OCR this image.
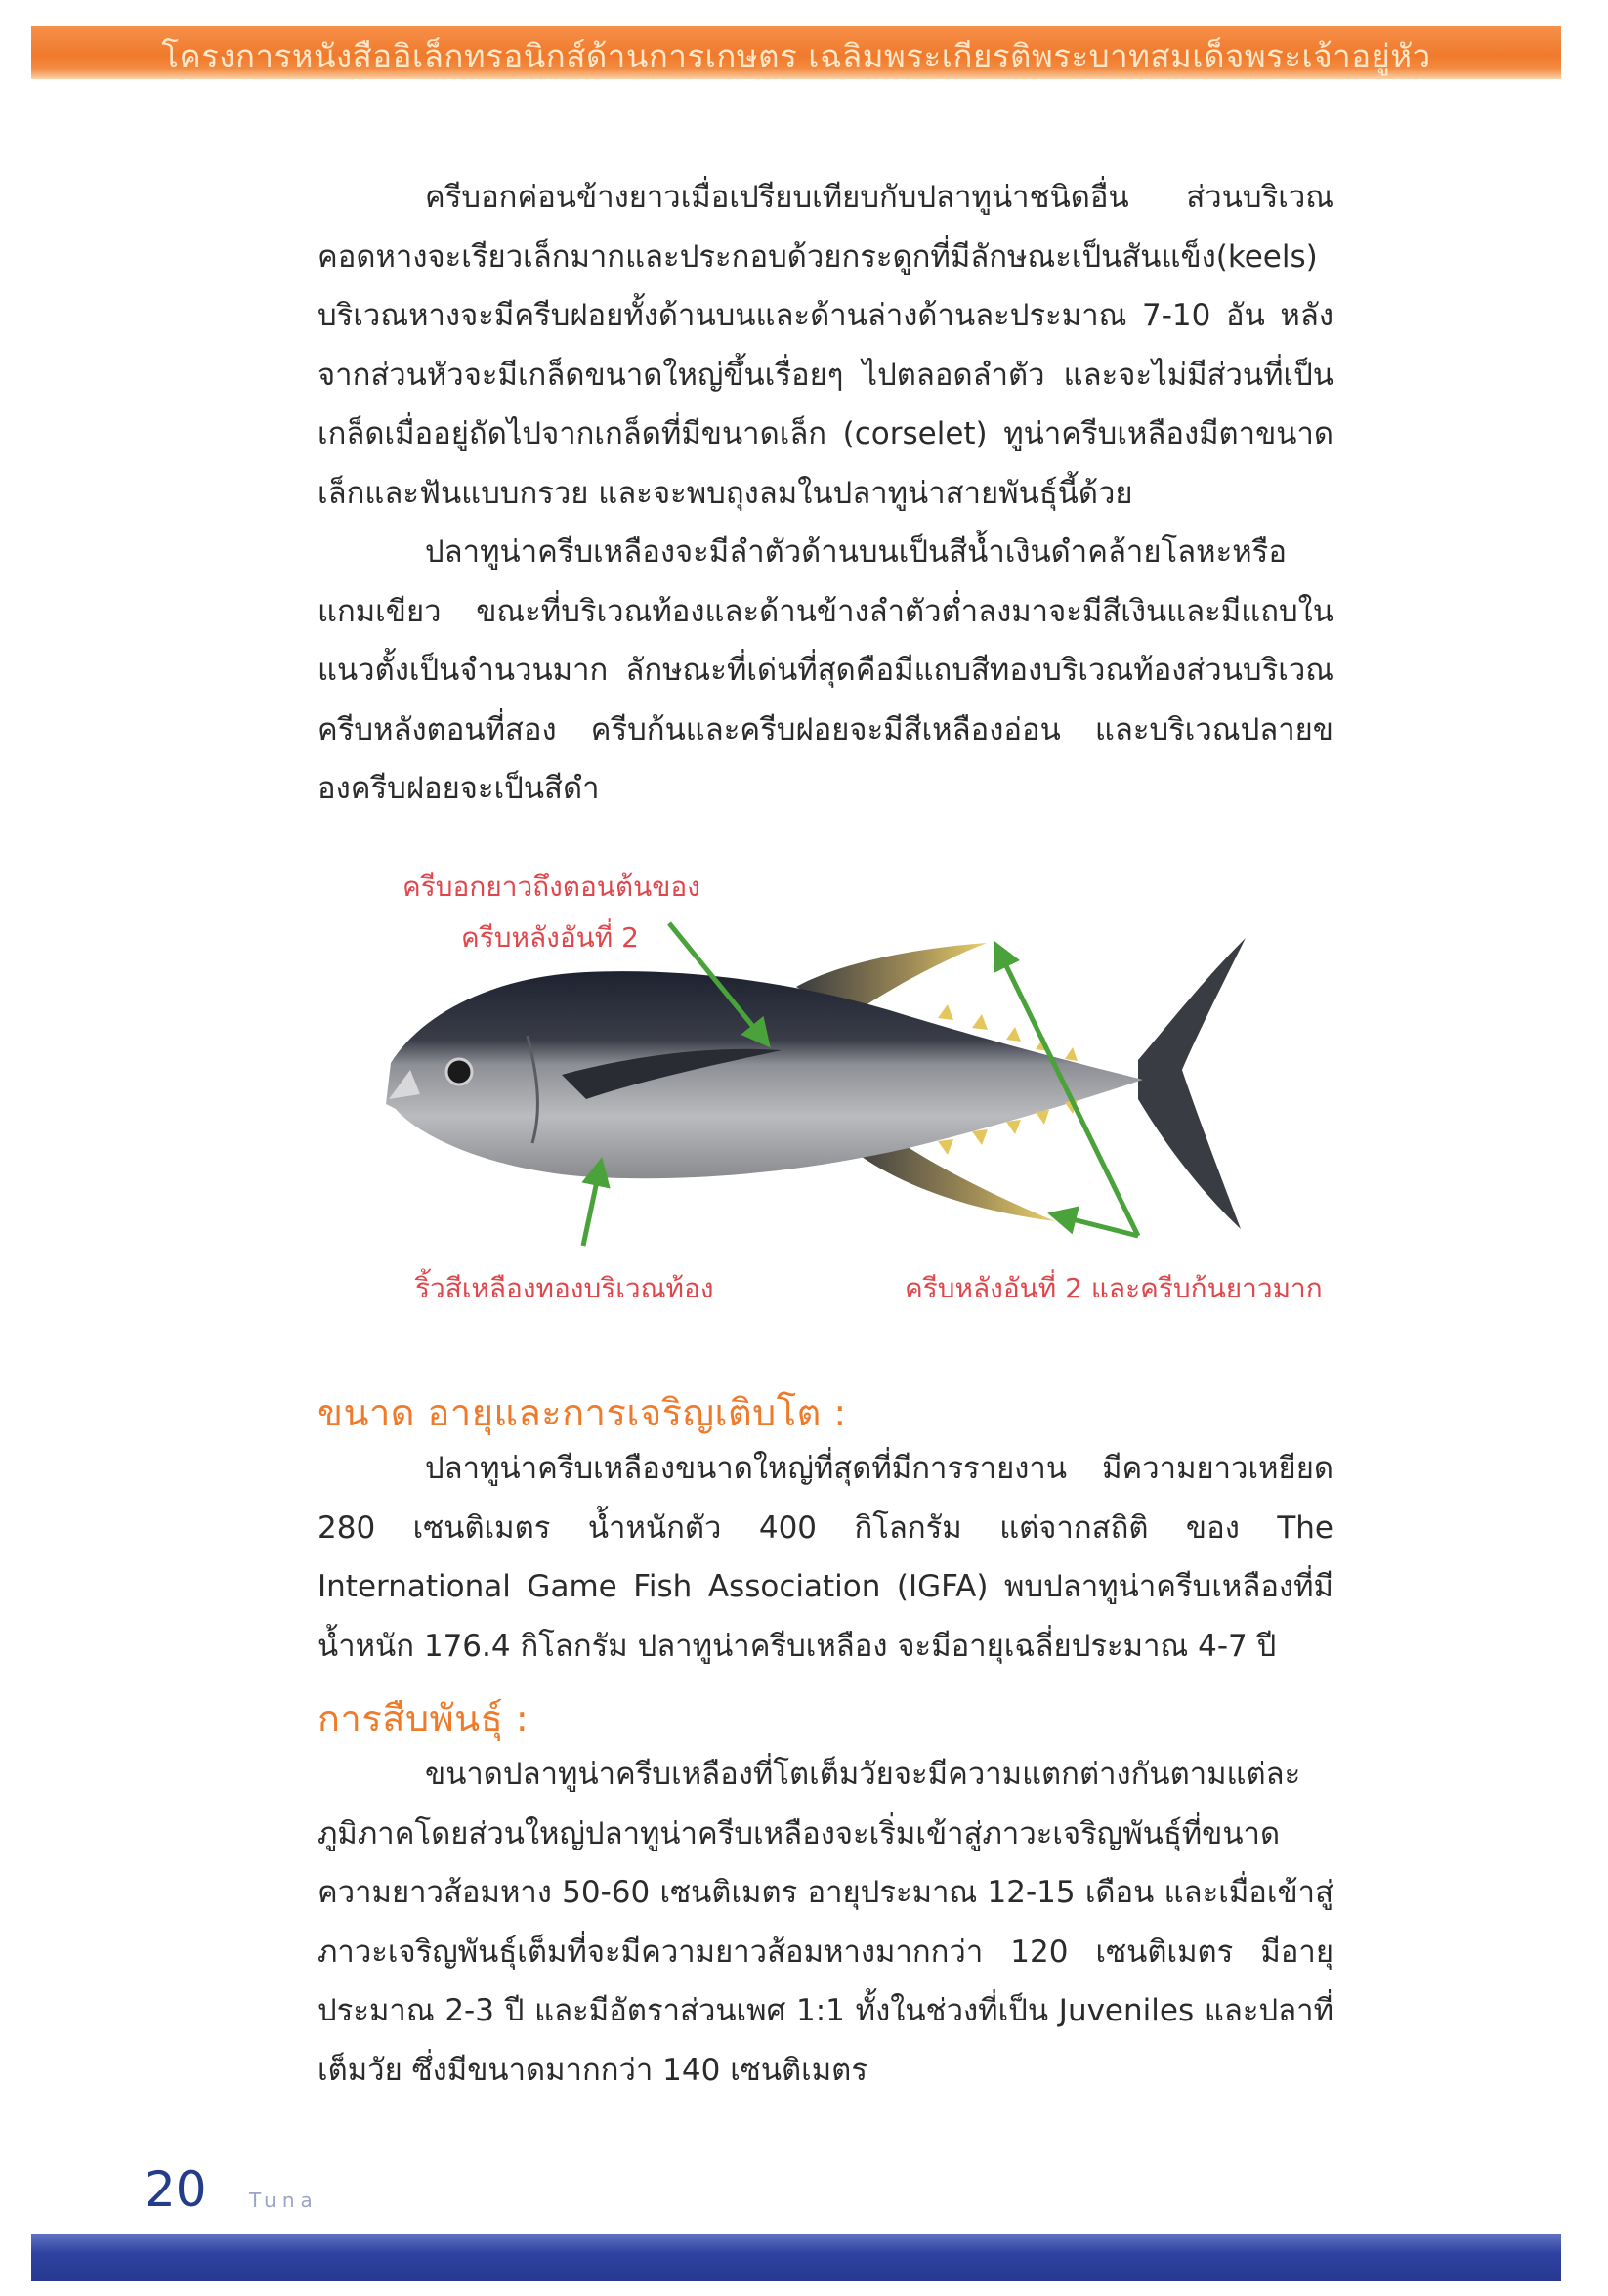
โครงการหนังสืออิเล็กทรอนิกส์ด้านการเกษตร เฉลิมพระเกียรติพระบาทสมเด็จพระเจ้าอยู่หัว

ครีบอกค่อนข้างยาวเมื่อเปรียบเทียบกับปลาทูน่าชนิดอื่น ส่วนบริเวณคอดหางจะเรียวเล็กมากและประกอบด้วยกระดูกที่มีลักษณะเป็นสันแข็ง(keels) บริเวณหางจะมีครีบฝอยทั้งด้านบนและด้านล่างด้านละประมาณ 7-10 อัน หลังจากส่วนหัวจะมีเกล็ดขนาดใหญ่ขึ้นเรื่อยๆ ไปตลอดลำตัว และจะไม่มีส่วนที่เป็นเกล็ดเมื่ออยู่ถัดไปจากเกล็ดที่มีขนาดเล็ก (corselet) ทูน่าครีบเหลืองมีตาขนาดเล็กและฟันแบบกรวย และจะพบถุงลมในปลาทูน่าสายพันธุ์นี้ด้วย

ปลาทูน่าครีบเหลืองจะมีลำตัวด้านบนเป็นสีน้ำเงินดำคล้ายโลหะหรือแกมเขียว ขณะที่บริเวณท้องและด้านข้างลำตัวต่ำลงมาจะมีสีเงินและมีแถบในแนวตั้งเป็นจำนวนมาก ลักษณะที่เด่นที่สุดคือมีแถบสีทองบริเวณท้องส่วนบริเวณครีบหลังตอนที่สอง ครีบก้นและครีบฝอยจะมีสีเหลืองอ่อน และบริเวณปลายของครีบฝอยจะเป็นสีดำ

ครีบอกยาวถึงตอนต้นของ
ครีบหลังอันที่ 2
ริ้วสีเหลืองทองบริเวณท้อง	ครีบหลังอันที่ 2 และครีบก้นยาวมาก
ขนาด อายุและการเจริญเติบโต :

ปลาทูน่าครีบเหลืองขนาดใหญ่ที่สุดที่มีการรายงาน มีความยาวเหยียด 280 เซนติเมตร น้ำหนักตัว 400 กิโลกรัม แต่จากสถิติ ของ The International Game Fish Association (IGFA) พบปลาทูน่าครีบเหลืองที่มีน้ำหนัก 176.4 กิโลกรัม ปลาทูน่าครีบเหลือง จะมีอายุเฉลี่ยประมาณ 4-7 ปี

การสืบพันธุ์ :

ขนาดปลาทูน่าครีบเหลืองที่โตเต็มวัยจะมีความแตกต่างกันตามแต่ละภูมิภาคโดยส่วนใหญ่ปลาทูน่าครีบเหลืองจะเริ่มเข้าสู่ภาวะเจริญพันธุ์ที่ขนาดความยาวส้อมหาง 50-60 เซนติเมตร อายุประมาณ 12-15 เดือน และเมื่อเข้าสู่ภาวะเจริญพันธุ์เต็มที่จะมีความยาวส้อมหางมากกว่า 120 เซนติเมตร มีอายุประมาณ 2-3 ปี และมีอัตราส่วนเพศ 1:1 ทั้งในช่วงที่เป็น Juveniles และปลาที่เต็มวัย ซึ่งมีขนาดมากกว่า 140 เซนติเมตร

20 Tuna
